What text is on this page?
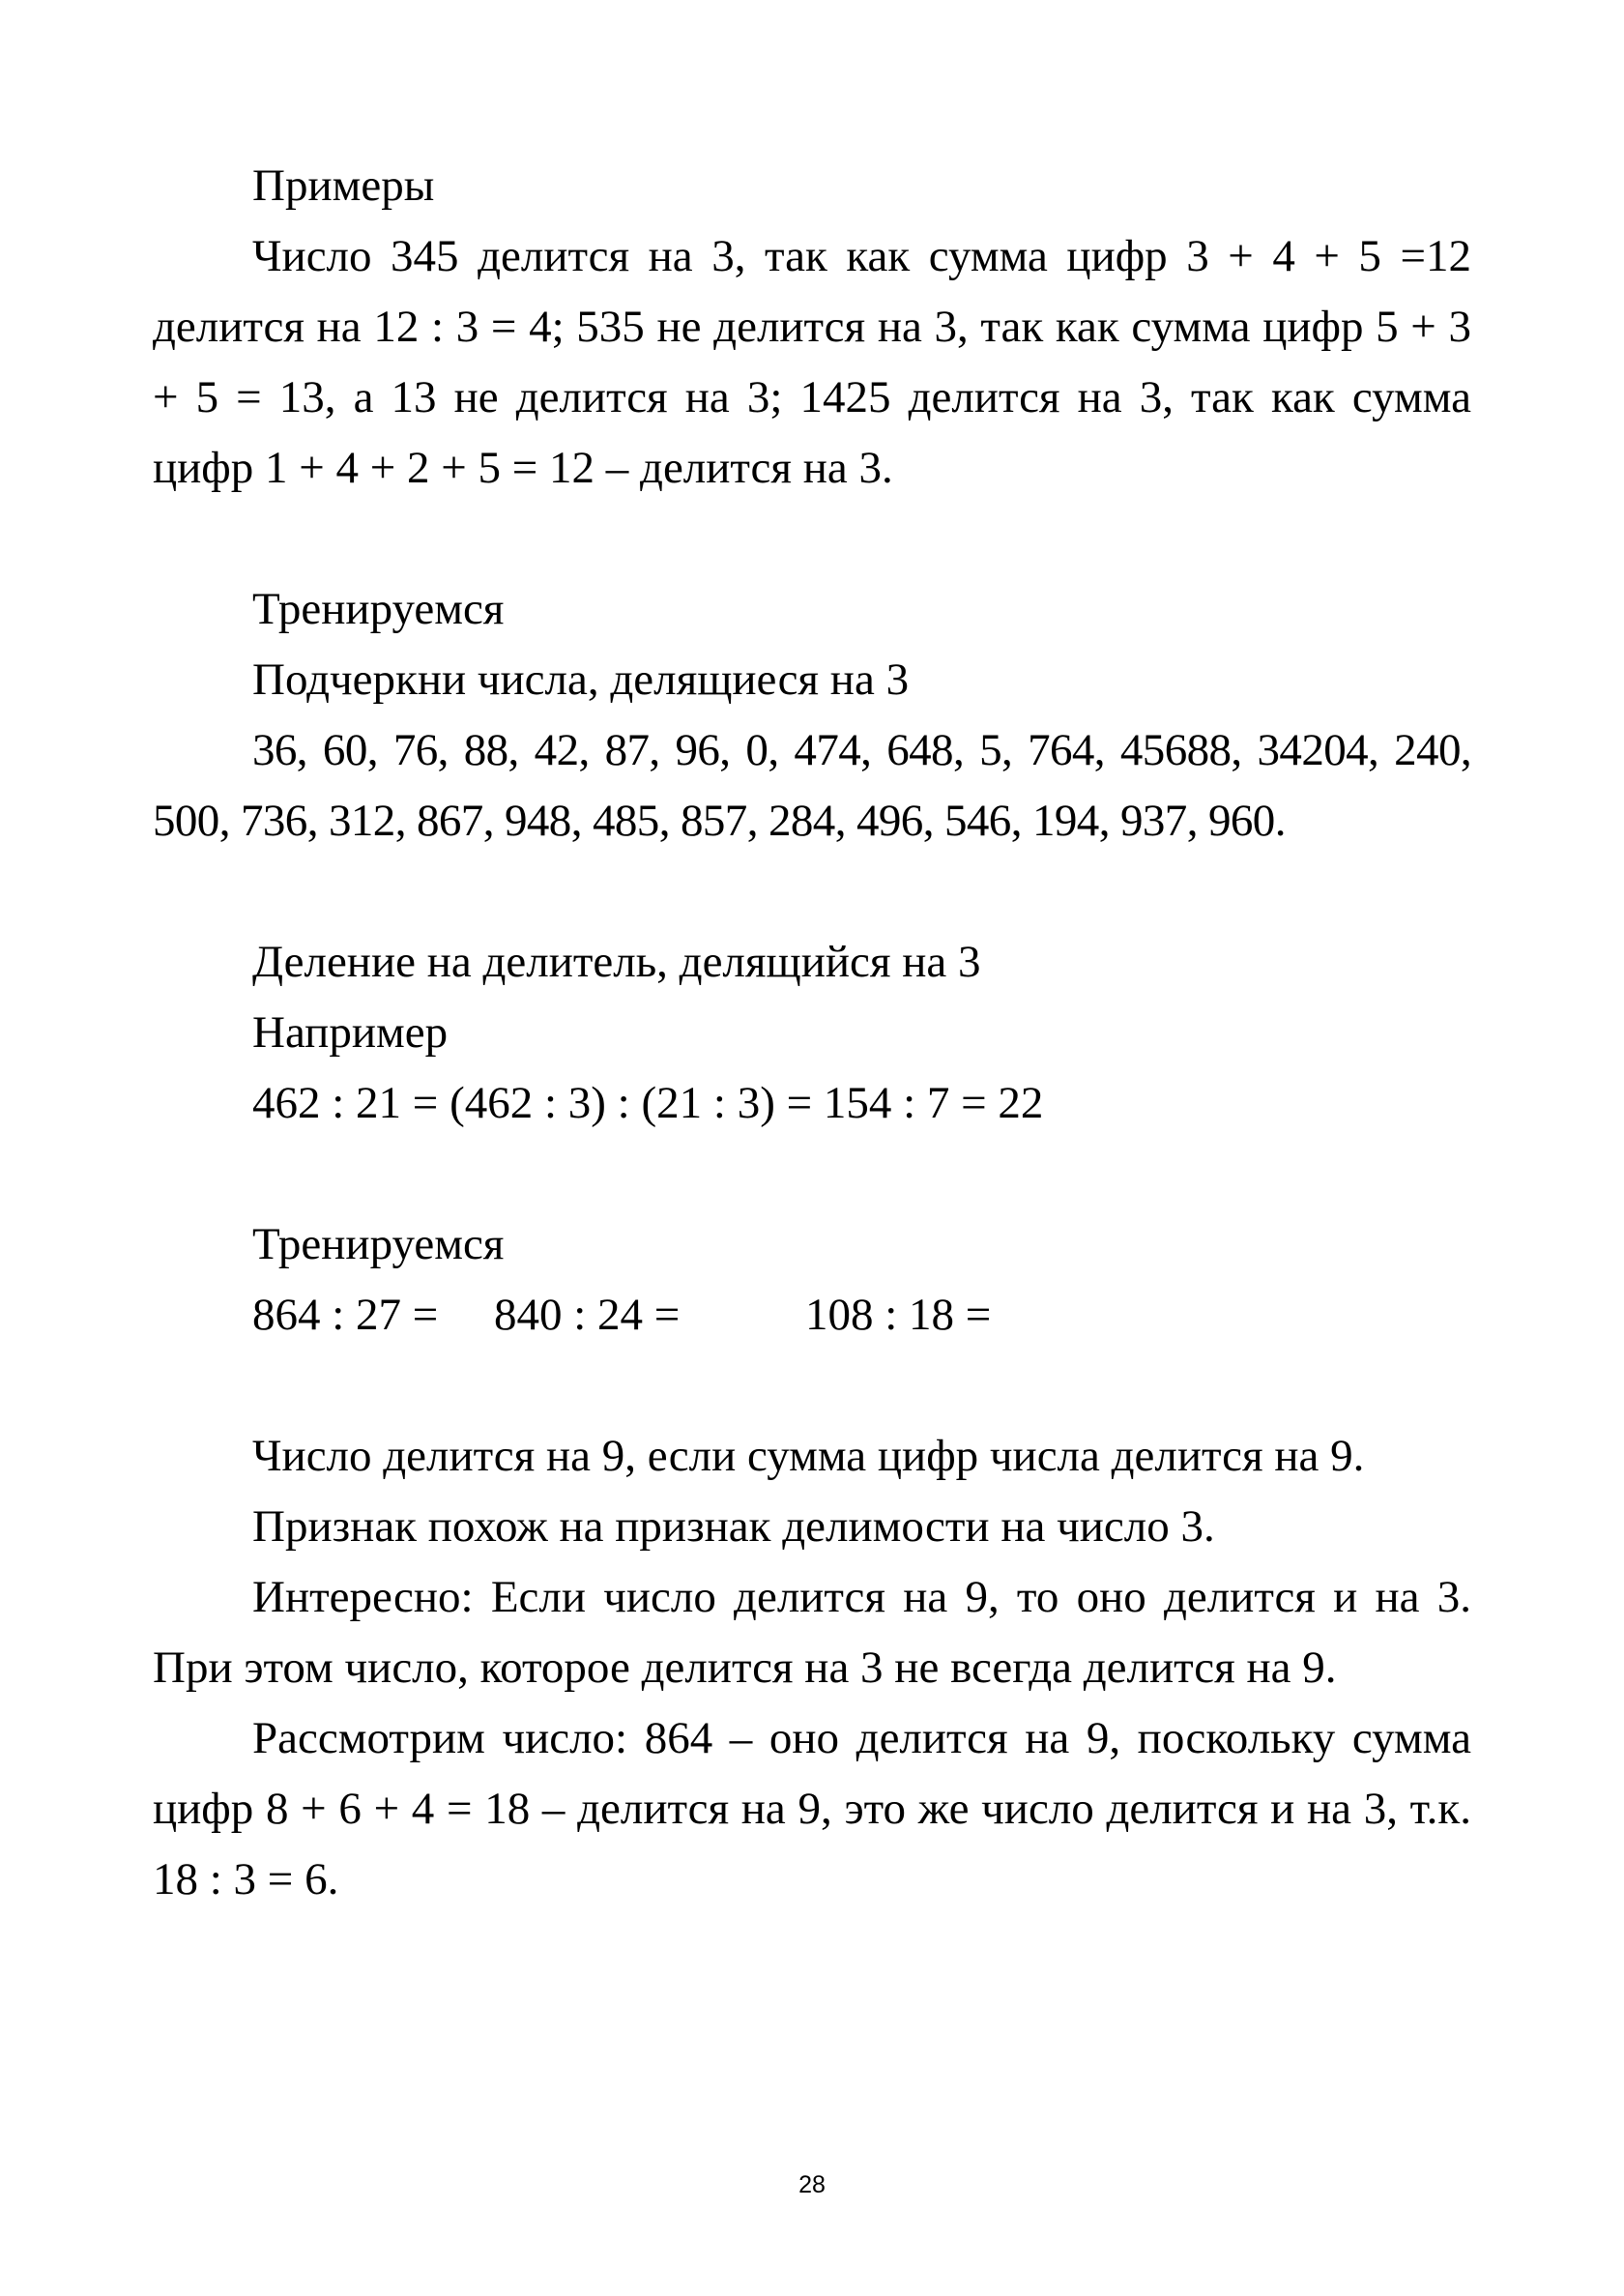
Примеры

Число 345 делится на 3, так как сумма цифр 3 + 4 + 5 =12 делится на 12 : 3 = 4; 535 не делится на 3, так как сумма цифр 5 + 3 + 5 = 13, а 13 не делится на 3; 1425 делится на 3, так как сумма цифр 1 + 4 + 2 + 5 = 12 – делится на 3.

Тренируемся

Подчеркни числа, делящиеся на 3

36, 60, 76, 88, 42, 87, 96, 0, 474, 648, 5, 764, 45688, 34204, 240, 500, 736, 312, 867, 948, 485, 857, 284, 496, 546, 194, 937, 960.

Деление на делитель, делящийся на 3

Например

462 : 21 = (462 : 3) : (21 : 3) = 154 : 7 = 22

Тренируемся

864 : 27 = 840 : 24 =	108 : 18 =

Число делится на 9, если сумма цифр числа делится на 9.

Признак похож на признак делимости на число 3.

Интересно: Если число делится на 9, то оно делится и на 3. При этом число, которое делится на 3 не всегда делится на 9.

Рассмотрим число: 864 – оно делится на 9, поскольку сумма цифр 8 + 6 + 4 = 18 – делится на 9, это же число делится и на 3, т.к. 18 : 3 = 6.

28
